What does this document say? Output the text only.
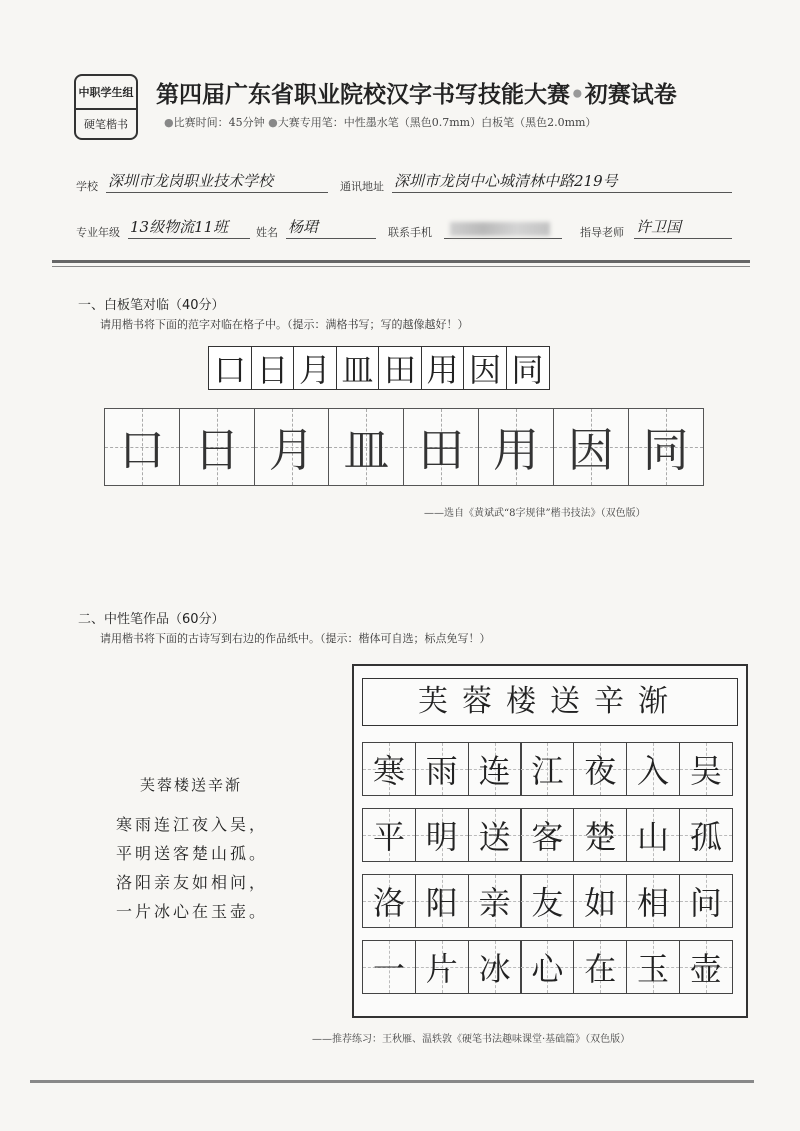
中职学生组
硬笔楷书
第四届广东省职业院校汉字书写技能大赛•初赛试卷
●比赛时间：45分钟 ●大赛专用笔：中性墨水笔（黑色0.7mm）白板笔（黑色2.0mm）
学校 深圳市龙岗职业技术学校	通讯地址 深圳市龙岗中心城清林中路219号
专业年级 13级物流11班	姓名 杨珺	联系手机	指导老师 许卫国
一、白板笔对临（40分）
请用楷书将下面的范字对临在格子中。（提示：满格书写；写的越像越好！）
口 日 月 皿 田 用 因 同
口 日 月 皿 田 用 因 同
——选自《黄斌武“8字规律”楷书技法》（双色版）
二、中性笔作品（60分）
请用楷书将下面的古诗写到右边的作品纸中。（提示：楷体可自选；标点免写！）
芙蓉楼送辛渐
寒雨连江夜入吴，
平明送客楚山孤。
洛阳亲友如相问，
一片冰心在玉壶。
芙蓉楼送辛渐
寒 雨 连 江 夜 入 吴
平 明 送 客 楚 山 孤
洛 阳 亲 友 如 相 问
一 片 冰 心 在 玉 壶
——推荐练习：王秋雁、温轶敦《硬笔书法趣味课堂·基础篇》（双色版）
